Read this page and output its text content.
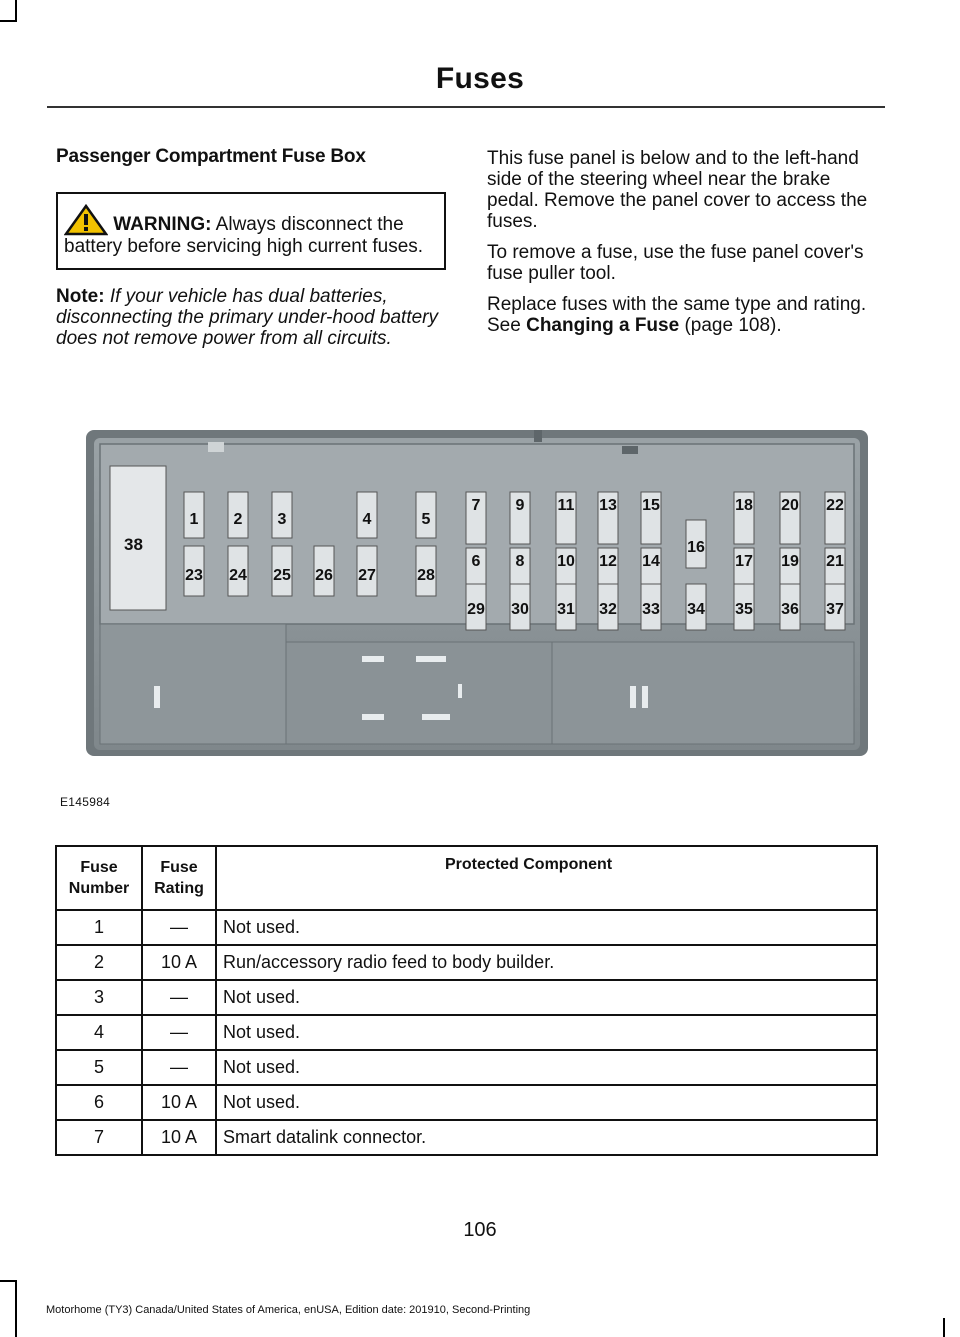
Fuses
Passenger Compartment Fuse Box
WARNING: Always disconnect the battery before servicing high current fuses.
Note: If your vehicle has dual batteries, disconnecting the primary under-hood battery does not remove power from all circuits.

This fuse panel is below and to the left-hand side of the steering wheel near the brake pedal. Remove the panel cover to access the fuses.

To remove a fuse, use the fuse panel cover's fuse puller tool.

Replace fuses with the same type and rating. See Changing a Fuse (page 108).

38
1 2 3	4	5
23 24 25 26 27	28
7 9 11 13 15	18 20 22
6 8 10 12 14
16
17 19 21
29 30 31 32 33 34 35 36 37
E145984
Fuse Number	Fuse Rating	Protected Component
1	—	Not used.
2	10 A	Run/accessory radio feed to body builder.
3	—	Not used.
4	—	Not used.
5	—	Not used.
6	10 A	Not used.
7	10 A	Smart datalink connector.
106
Motorhome (TY3) Canada/United States of America, enUSA, Edition date: 201910, Second-Printing
